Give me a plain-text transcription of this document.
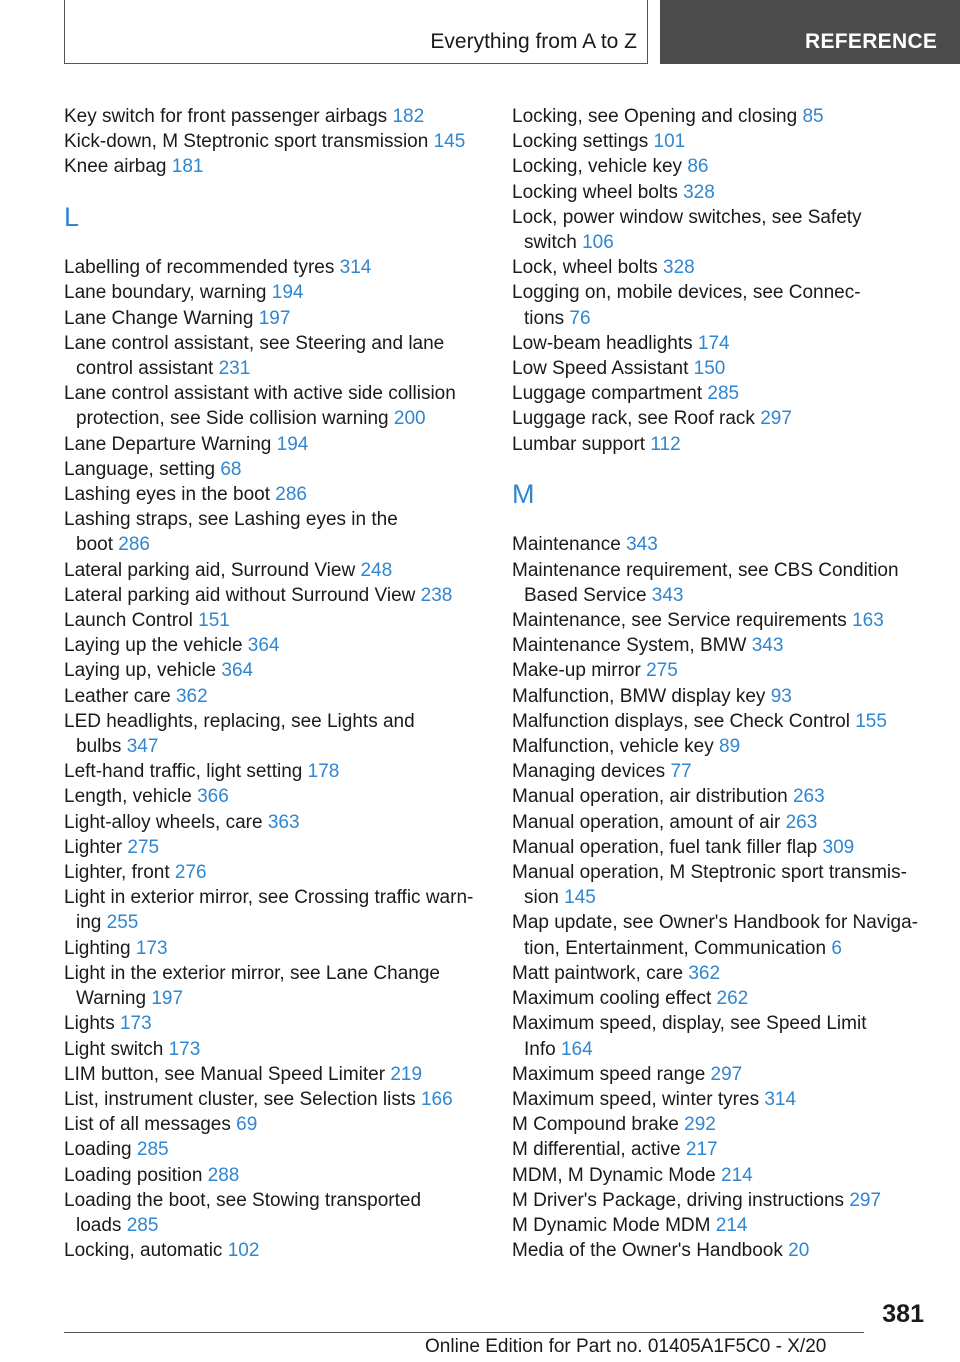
Everything from A to Z	REFERENCE
Key switch for front passenger airbags 182
Kick-down, M Steptronic sport transmission 145
Knee airbag 181
L
Labelling of recommended tyres 314
Lane boundary, warning 194
Lane Change Warning 197
Lane control assistant, see Steering and lane
control assistant 231
Lane control assistant with active side collision
protection, see Side collision warning 200
Lane Departure Warning 194
Language, setting 68
Lashing eyes in the boot 286
Lashing straps, see Lashing eyes in the
boot 286
Lateral parking aid, Surround View 248
Lateral parking aid without Surround View 238
Launch Control 151
Laying up the vehicle 364
Laying up, vehicle 364
Leather care 362
LED headlights, replacing, see Lights and
bulbs 347
Left-hand traffic, light setting 178
Length, vehicle 366
Light-alloy wheels, care 363
Lighter 275
Lighter, front 276
Light in exterior mirror, see Crossing traffic warn-
ing 255
Lighting 173
Light in the exterior mirror, see Lane Change
Warning 197
Lights 173
Light switch 173
LIM button, see Manual Speed Limiter 219
List, instrument cluster, see Selection lists 166
List of all messages 69
Loading 285
Loading position 288
Loading the boot, see Stowing transported
loads 285
Locking, automatic 102
Locking, see Opening and closing 85
Locking settings 101
Locking, vehicle key 86
Locking wheel bolts 328
Lock, power window switches, see Safety
switch 106
Lock, wheel bolts 328
Logging on, mobile devices, see Connec-
tions 76
Low-beam headlights 174
Low Speed Assistant 150
Luggage compartment 285
Luggage rack, see Roof rack 297
Lumbar support 112
M
Maintenance 343
Maintenance requirement, see CBS Condition
Based Service 343
Maintenance, see Service requirements 163
Maintenance System, BMW 343
Make-up mirror 275
Malfunction, BMW display key 93
Malfunction displays, see Check Control 155
Malfunction, vehicle key 89
Managing devices 77
Manual operation, air distribution 263
Manual operation, amount of air 263
Manual operation, fuel tank filler flap 309
Manual operation, M Steptronic sport transmis-
sion 145
Map update, see Owner's Handbook for Naviga-
tion, Entertainment, Communication 6
Matt paintwork, care 362
Maximum cooling effect 262
Maximum speed, display, see Speed Limit
Info 164
Maximum speed range 297
Maximum speed, winter tyres 314
M Compound brake 292
M differential, active 217
MDM, M Dynamic Mode 214
M Driver's Package, driving instructions 297
M Dynamic Mode MDM 214
Media of the Owner's Handbook 20
381
Online Edition for Part no. 01405A1F5C0 - X/20
